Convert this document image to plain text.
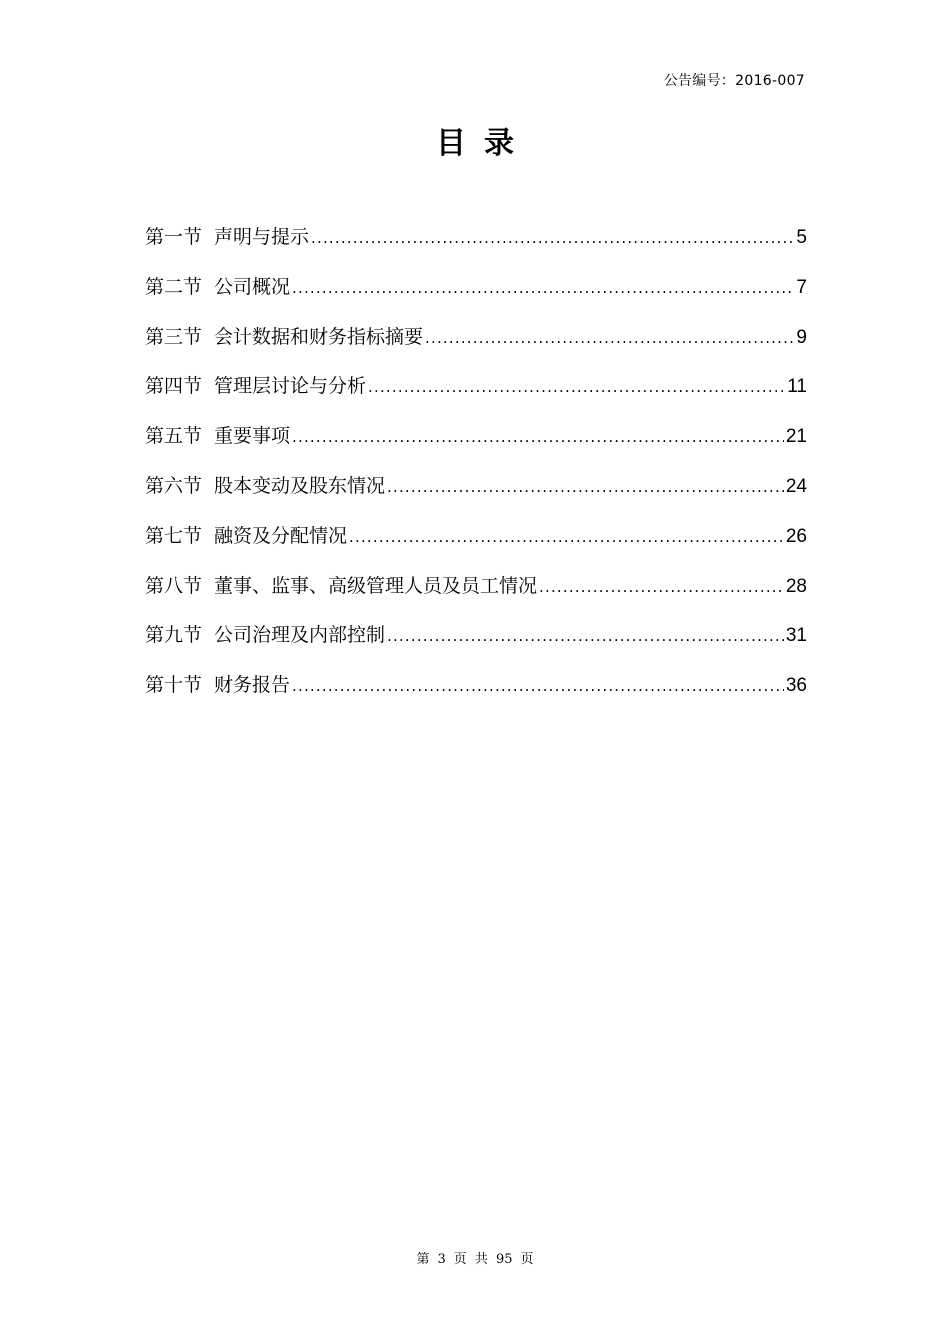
公告编号：2016-007
目录
第一节 声明与提示 .....	5
第二节 公司概况 .....	7
第三节 会计数据和财务指标摘要 .....	9
第四节 管理层讨论与分析 .....	11
第五节 重要事项 .....	21
第六节 股本变动及股东情况 .....	24
第七节 融资及分配情况 .....	26
第八节 董事、监事、高级管理人员及员工情况 .....	28
第九节 公司治理及内部控制 .....	31
第十节 财务报告 .....	36
第 3 页 共 95 页
